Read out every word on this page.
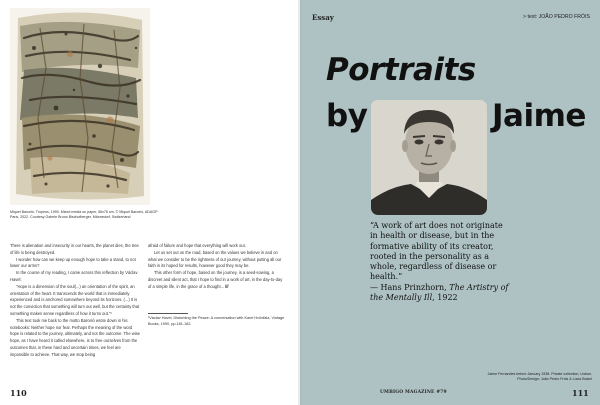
Miquel Barceló, Tropeos, 1990. Mixed media on paper, 56x76 cm. © Miquel Barceló, ADAGP Paris, 2022. Courtesy Galerie Bruno Bischofberger, Männedorf, Switzerland

There is alienation and insecurity in our hearts, the planet dies, the tree of life is being destroyed.

I wonder how can we keep up enough hope to take a stand, to not lower our arms?

In the course of my reading, I came across this reflection by Václav Havel:

"Hope is a dimension of the soul(...) an orientation of the spirit, an orientation of the heart. It transcends the world that is immediately experienced and is anchored somewhere beyond its horizons. (...) It is not the conviction that something will turn out well, but the certainty that something makes sense regardless of how it turns out."¹

This text took me back to the motto Barceló wrote down in his notebooks: Neither hope nor fear. Perhaps the meaning of the word hope is related to the journey, ultimately, and not the outcome. The wise hope, as I have heard it called elsewhere, is to free ourselves from the outcomes that, in these hard and uncertain times, we feel are impossible to achieve. That way, we stop being

afraid of failure and hope that everything will work out.

Let us set out on the road, based on the values we believe in and on what we consider to be the rightness of our journey, without putting all our faith in its hoped for results, however good they may be.

This other form of hope, based on the journey, is a seed-sowing, a discreet and silent act, that I hope to find in a work of art, in the day-to-day of a simple life, in the grace of a thought... ///

¹Václav Havel, Disturbing the Peace: A conversation with Karel Hvížďala, Vintage Books, 1990, pp.181-182.

110
Essay	> text: JOÃO PEDRO FRÓIS
Portraits
by	Jaime

“A work of art does not originate in health or disease, but in the formative ability of its creator, rooted in the personality as a whole, regardless of disease or health.”

— Hans Prinzhorn, The Artistry of the Mentally Ill, 1922

Jaime Fernandes before January 1938. Private collection, Lisbon. Photo/Design: João Pedro Fróis & Lúcia Boisel
UMBIGO MAGAZINE #79	111
